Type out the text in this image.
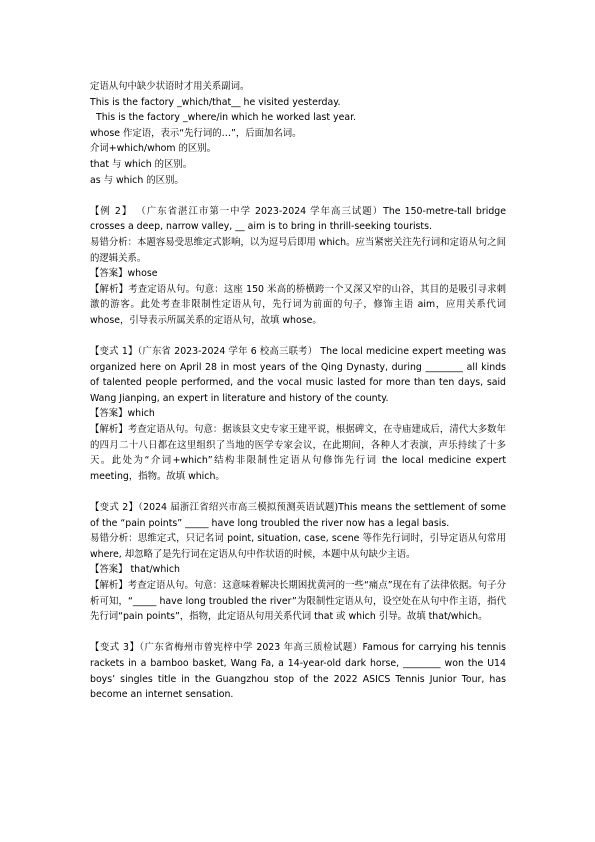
定语从句中缺少状语时才用关系副词。

This is the factory _which/that__ he visited yesterday.

This is the factory _where/in which he worked last year.

whose 作定语，表示“先行词的…”，后面加名词。

介词+which/whom 的区别。

that 与 which 的区别。

as 与 which 的区别。

【例 2】 （广东省湛江市第一中学 2023-2024 学年高三试题）The 150-metre-tall bridge crosses a deep, narrow valley, __ aim is to bring in thrill-seeking tourists.

易错分析：本题容易受思维定式影响，以为逗号后即用 which。应当紧密关注先行词和定语从句之间的逻辑关系。

【答案】whose

【解析】考查定语从句。句意：这座 150 米高的桥横跨一个又深又窄的山谷，其目的是吸引寻求刺激的游客。此处考查非限制性定语从句，先行词为前面的句子，修饰主语 aim，应用关系代词 whose，引导表示所属关系的定语从句，故填 whose。

【变式 1】（广东省 2023-2024 学年 6 校高三联考） The local medicine expert meeting was organized here on April 28 in most years of the Qing Dynasty, during ________ all kinds of talented people performed, and the vocal music lasted for more than ten days, said Wang Jianping, an expert in literature and history of the county.

【答案】which

【解析】考查定语从句。句意：据该县文史专家王建平说，根据碑文，在寺庙建成后，清代大多数年的四月二十八日都在这里组织了当地的医学专家会议，在此期间，各种人才表演，声乐持续了十多天。此处为“介词+which”结构非限制性定语从句修饰先行词 the local medicine expert meeting，指物。故填 which。

【变式 2】（2024 届浙江省绍兴市高三模拟预测英语试题)This means the settlement of some of the “pain points” _____ have long troubled the river now has a legal basis.

易错分析：思维定式，只记名词 point, situation, case, scene 等作先行词时，引导定语从句常用 where, 却忽略了是先行词在定语从句中作状语的时候，本题中从句缺少主语。

【答案】 that/which

【解析】考查定语从句。句意：这意味着解决长期困扰黄河的一些“痛点”现在有了法律依据。句子分析可知，“_____ have long troubled the river”为限制性定语从句，设空处在从句中作主语，指代先行词“pain points”，指物，此定语从句用关系代词 that 或 which 引导。故填 that/which。

【变式 3】（广东省梅州市曾宪梓中学 2023 年高三质检试题）Famous for carrying his tennis rackets in a bamboo basket, Wang Fa, a 14-year-old dark horse, ________ won the U14 boys’ singles title in the Guangzhou stop of the 2022 ASICS Tennis Junior Tour, has become an internet sensation.
